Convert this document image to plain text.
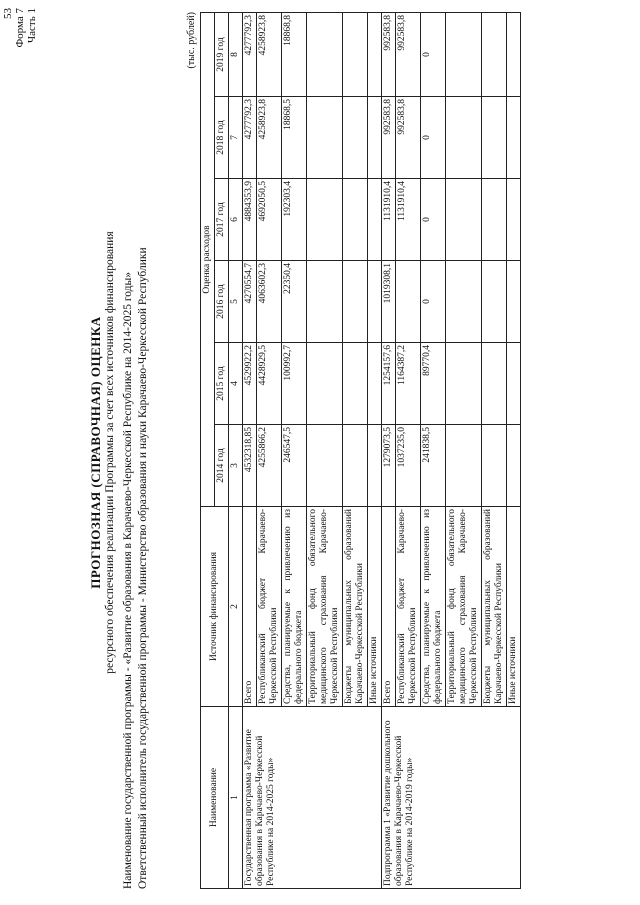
53 Форма 7 Часть 1
ПРОГНОЗНАЯ (СПРАВОЧНАЯ) ОЦЕНКА ресурсного обеспечения реализации Программы за счет всех источников финансирования Наименование государственной программы - «Развитие образования в Карачаево-Черкесской Республике на 2014-2025 годы» Ответственный исполнитель государственной программы - Министерство образования и науки Карачаево-Черкесской Республики
(тыс. рублей)
Наименование	Источник финансирования	Оценка расходов					
		2014 год	2015 год	2016 год	2017 год	2018 год	2019 год
1	2	3	4	5	6	7	8
Государственная программа «Развитие образования в Карачаево-Черкесской Республике на 2014-2025 годы»	Всего	4532318,85	4529922,2	4270554,7	4884353,9	4277792,3	4277792,3
	Республиканский бюджет Карачаево-Черкесской Республики	4255866,2	4428929,5	4063602,3	4692050,5	4258923,8	4258923,8
	Средства, планируемые к привлечению из федерального бюджета	246547,5	100992,7	22350,4	192303,4	18868,5	18868,8
	Территориальный фонд обязательного медицинского страхования Карачаево-Черкесской Республики						
	Бюджеты муниципальных образований Карачаево-Черкесской Республики						
	Иные источники						
Подпрограмма 1 «Развитие дошкольного образования в Карачаево-Черкесской Республике на 2014-2019 годы»	Всего	1279073,5	1254157,6	1019308,1	1131910,4	992583,8	992583,8
	Республиканский бюджет Карачаево-Черкесской Республики	1037235,0	1164387,2		1131910,4	992583,8	992583,8
	Средства, планируемые к привлечению из федерального бюджета	241838,5	89770,4	0	0	0	0
	Территориальный фонд обязательного медицинского страхования Карачаево-Черкесской Республики						
	Бюджеты муниципальных образований Карачаево-Черкесской Республики						
	Иные источники						
